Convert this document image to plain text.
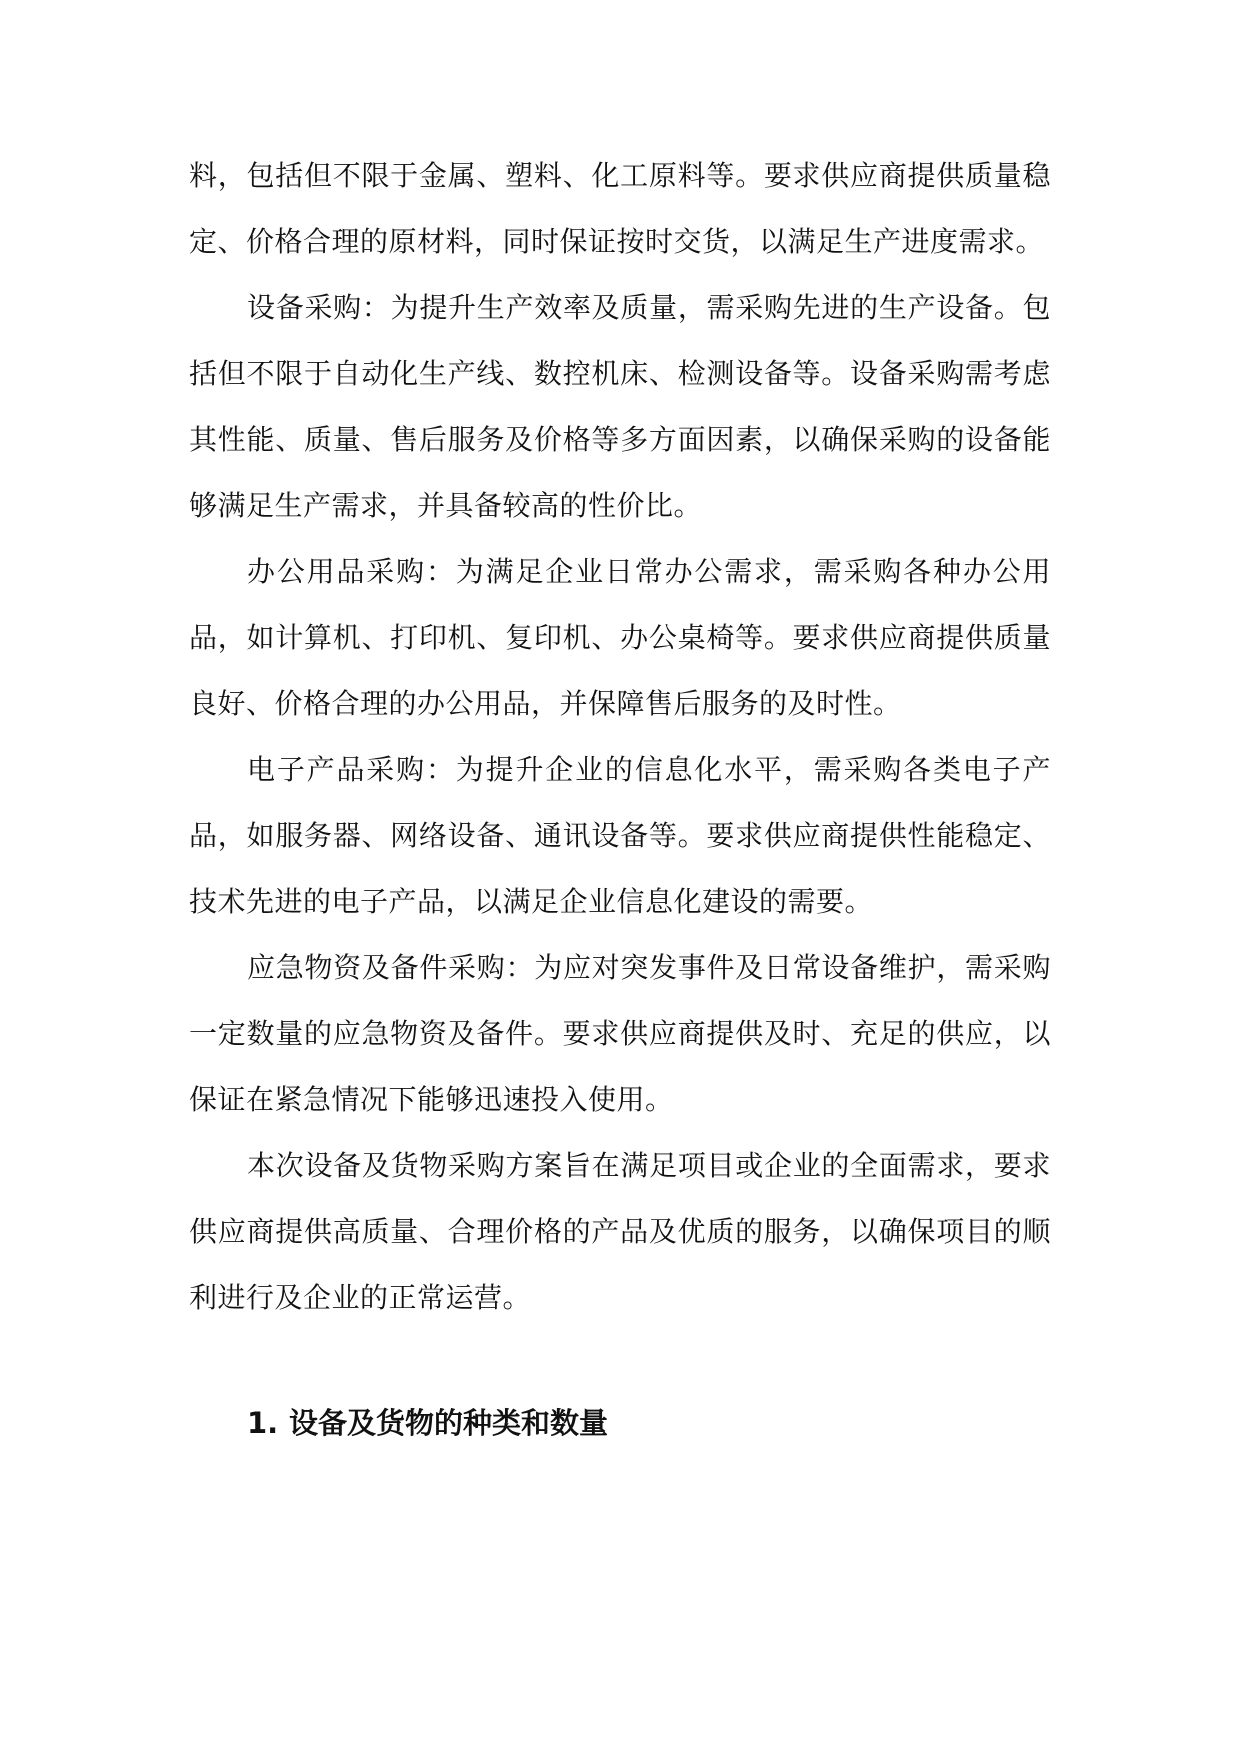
料，包括但不限于金属、塑料、化工原料等。要求供应商提供质量稳定、价格合理的原材料，同时保证按时交货，以满足生产进度需求。

设备采购：为提升生产效率及质量，需采购先进的生产设备。包括但不限于自动化生产线、数控机床、检测设备等。设备采购需考虑其性能、质量、售后服务及价格等多方面因素，以确保采购的设备能够满足生产需求，并具备较高的性价比。

办公用品采购：为满足企业日常办公需求，需采购各种办公用品，如计算机、打印机、复印机、办公桌椅等。要求供应商提供质量良好、价格合理的办公用品，并保障售后服务的及时性。

电子产品采购：为提升企业的信息化水平，需采购各类电子产品，如服务器、网络设备、通讯设备等。要求供应商提供性能稳定、技术先进的电子产品，以满足企业信息化建设的需要。

应急物资及备件采购：为应对突发事件及日常设备维护，需采购一定数量的应急物资及备件。要求供应商提供及时、充足的供应，以保证在紧急情况下能够迅速投入使用。

本次设备及货物采购方案旨在满足项目或企业的全面需求，要求供应商提供高质量、合理价格的产品及优质的服务，以确保项目的顺利进行及企业的正常运营。

1. 设备及货物的种类和数量
